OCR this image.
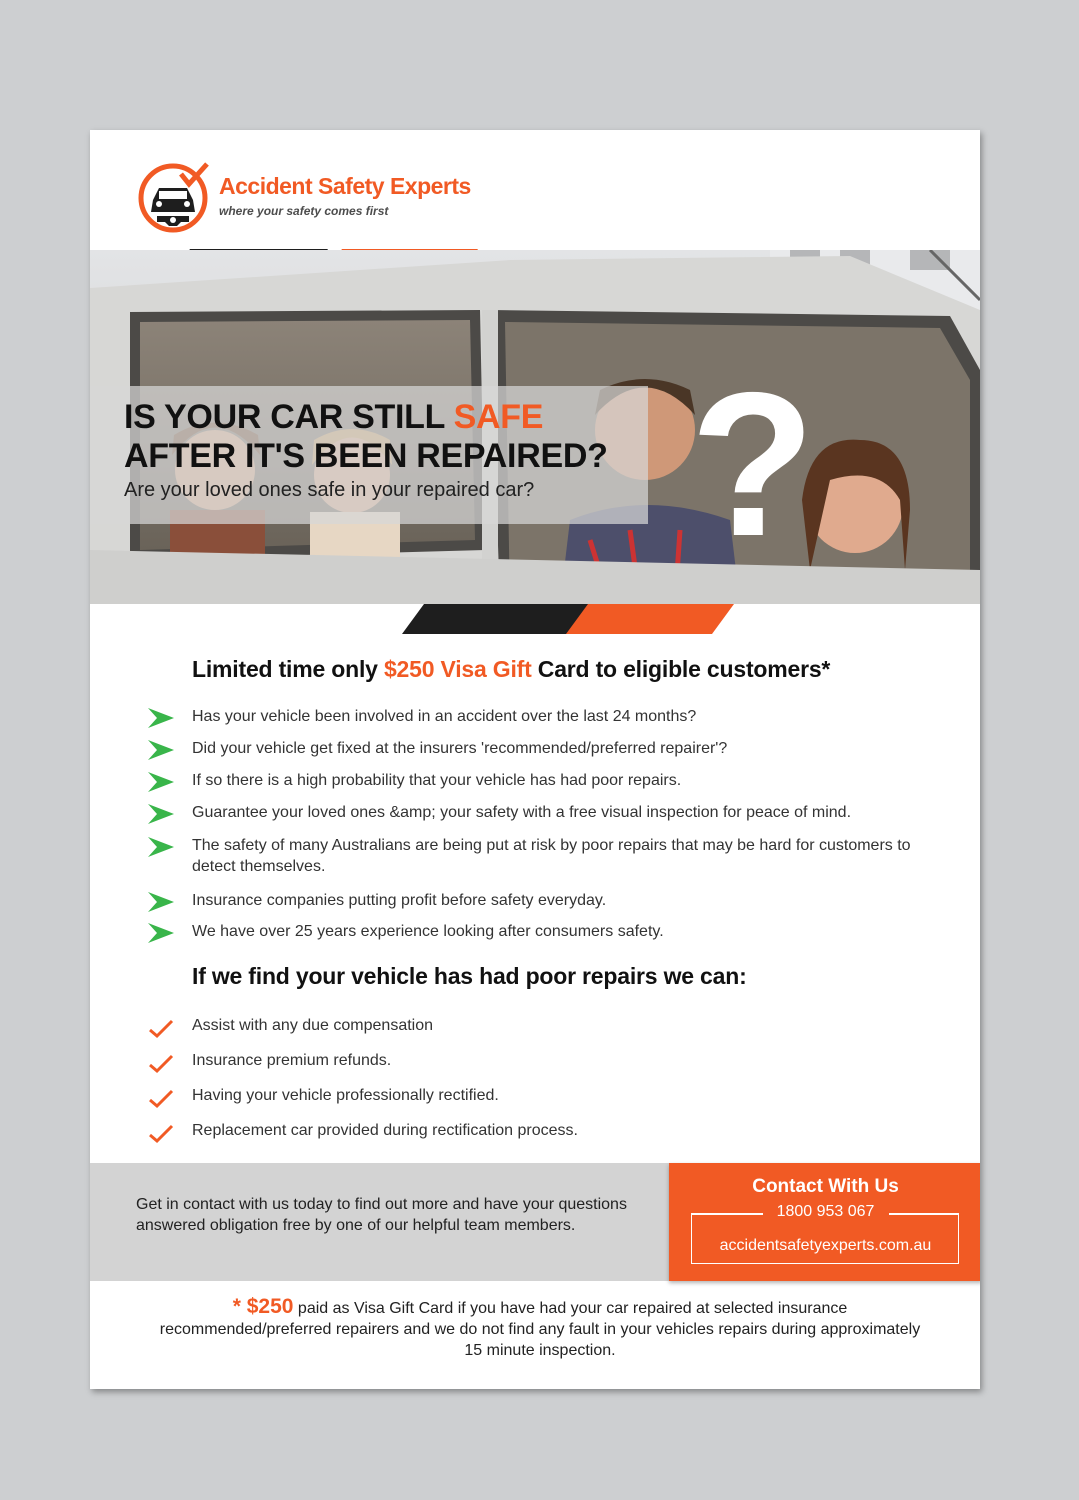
Accident Safety Experts
where your safety comes first
IS YOUR CAR STILL SAFE
AFTER IT'S BEEN REPAIRED?
Are your loved ones safe in your repaired car? ?
Limited time only $250 Visa Gift Card to eligible customers*
Has your vehicle been involved in an accident over the last 24 months?
Did your vehicle get fixed at the insurers 'recommended/preferred repairer'?
If so there is a high probability that your vehicle has had poor repairs.
Guarantee your loved ones &amp; your safety with a free visual inspection for peace of mind.
The safety of many Australians are being put at risk by poor repairs that may be hard for customers to detect themselves.
Insurance companies putting profit before safety everyday.
We have over 25 years experience looking after consumers safety.
If we find your vehicle has had poor repairs we can:
Assist with any due compensation
Insurance premium refunds.
Having your vehicle professionally rectified.
Replacement car provided during rectification process.
Get in contact with us today to find out more and have your questions answered obligation free by one of our helpful team members.
Contact With Us
1800 953 067
accidentsafetyexperts.com.au
* $250 paid as Visa Gift Card if you have had your car repaired at selected insurance recommended/preferred repairers and we do not find any fault in your vehicles repairs during approximately 15 minute inspection.
